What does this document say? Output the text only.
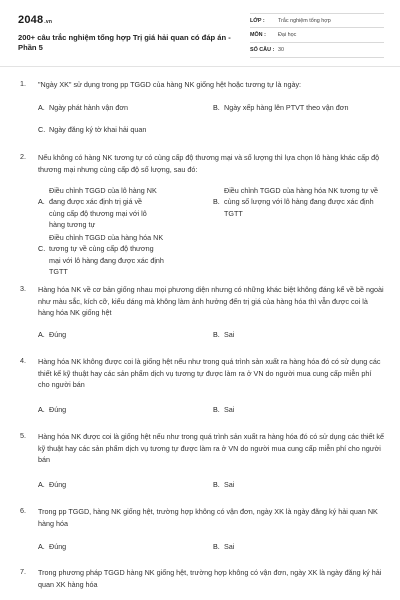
2048.vn
200+ câu trắc nghiệm tổng hợp Trị giá hải quan có đáp án - Phần 5
LỚP :	Trắc nghiệm tổng hợp
MÔN :	Đại học
SỐ CÂU : 30
1. "Ngày XK" sử dụng trong pp TGGD của hàng NK giống hệt hoặc tương tự là ngày:
A. Ngày phát hành vận đơn	B. Ngày xếp hàng lên PTVT theo vận đơn
C. Ngày đăng ký tờ khai hải quan
2. Nếu không có hàng NK tương tự có cùng cấp độ thương mại và số lượng thì lựa chọn lô hàng khác cấp độ thương mại nhưng cùng cấp độ số lượng, sau đó:
A.
Điều chỉnh TGGD của lô hàng NK đang được xác định trị giá về cùng cấp độ thương mại với lô hàng tương tự
B.
Điều chỉnh TGGD của hàng hóa NK tương tự về cùng số lượng với lô hàng đang được xác định TGTT
C.
Điều chỉnh TGGD của hàng hóa NK tương tự về cùng cấp độ thương mại với lô hàng đang được xác định TGTT
3. Hàng hóa NK về cơ bản giống nhau mọi phương diện nhưng có những khác biệt không đáng kể về bề ngoài như màu sắc, kích cỡ, kiểu dáng mà không làm ảnh hưởng đến trị giá của hàng hóa thì vẫn được coi là hàng hóa NK giống hệt
A. Đúng	B. Sai
4. Hàng hóa NK không được coi là giống hệt nếu như trong quá trình sản xuất ra hàng hóa đó có sử dụng các thiết kế kỹ thuật hay các sản phẩm dịch vụ tương tự được làm ra ở VN do người mua cung cấp miễn phí cho người bán
A. Đúng	B. Sai
5. Hàng hóa NK được coi là giống hệt nếu như trong quá trình sản xuất ra hàng hóa đó có sử dụng các thiết kế kỹ thuật hay các sản phẩm dịch vụ tương tự được làm ra ở VN do người mua cung cấp miễn phí cho người bán
A. Đúng	B. Sai
6. Trong pp TGGD, hàng NK giống hệt, trường hợp không có vận đơn, ngày XK là ngày đăng ký hải quan NK hàng hóa
A. Đúng	B. Sai
7. Trong phương pháp TGGD hàng NK giống hệt, trường hợp không có vận đơn, ngày XK là ngày đăng ký hải quan XK hàng hóa
